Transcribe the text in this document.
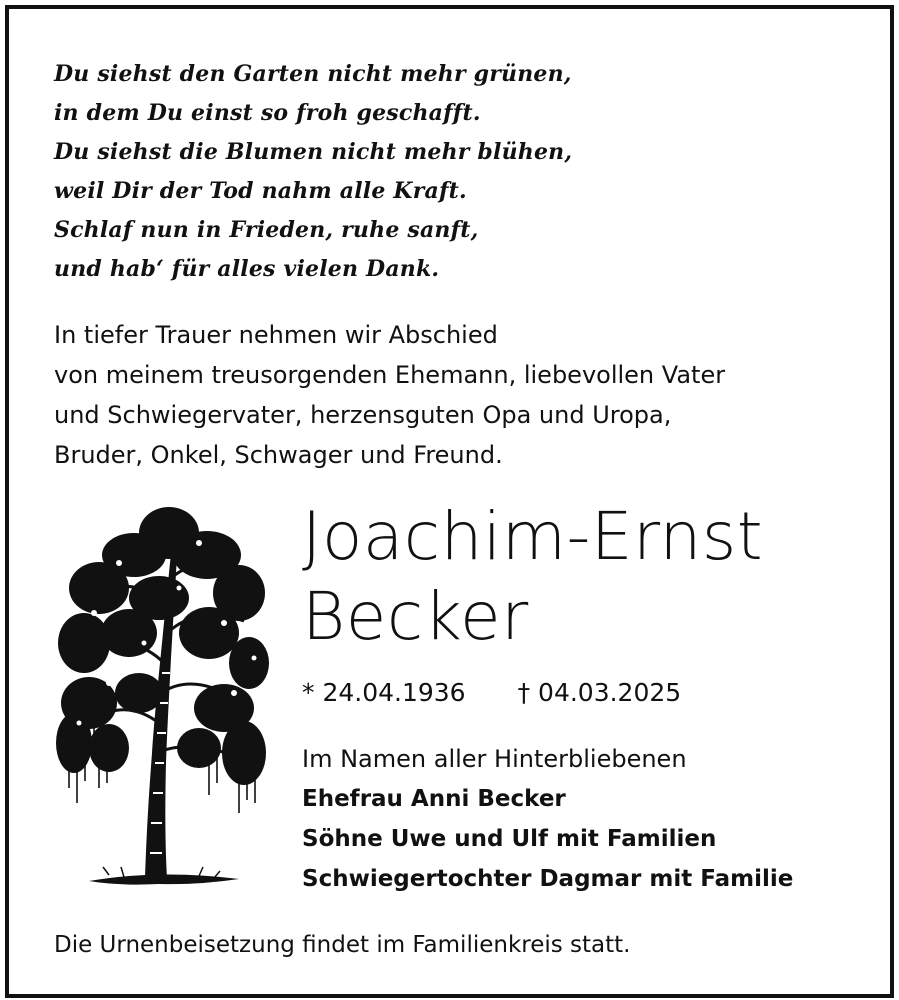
Du siehst den Garten nicht mehr grünen,
in dem Du einst so froh geschafft.
Du siehst die Blumen nicht mehr blühen,
weil Dir der Tod nahm alle Kraft.
Schlaf nun in Frieden, ruhe sanft,
und hab‘ für alles vielen Dank.
In tiefer Trauer nehmen wir Abschied
von meinem treusorgenden Ehemann, liebevollen Vater
und Schwiegervater, herzensguten Opa und Uropa,
Bruder, Onkel, Schwager und Freund.
Joachim-Ernst
Becker
* 24.04.1936 † 04.03.2025
Im Namen aller Hinterbliebenen
Ehefrau Anni Becker
Söhne Uwe und Ulf mit Familien
Schwiegertochter Dagmar mit Familie
Die Urnenbeisetzung findet im Familienkreis statt.
